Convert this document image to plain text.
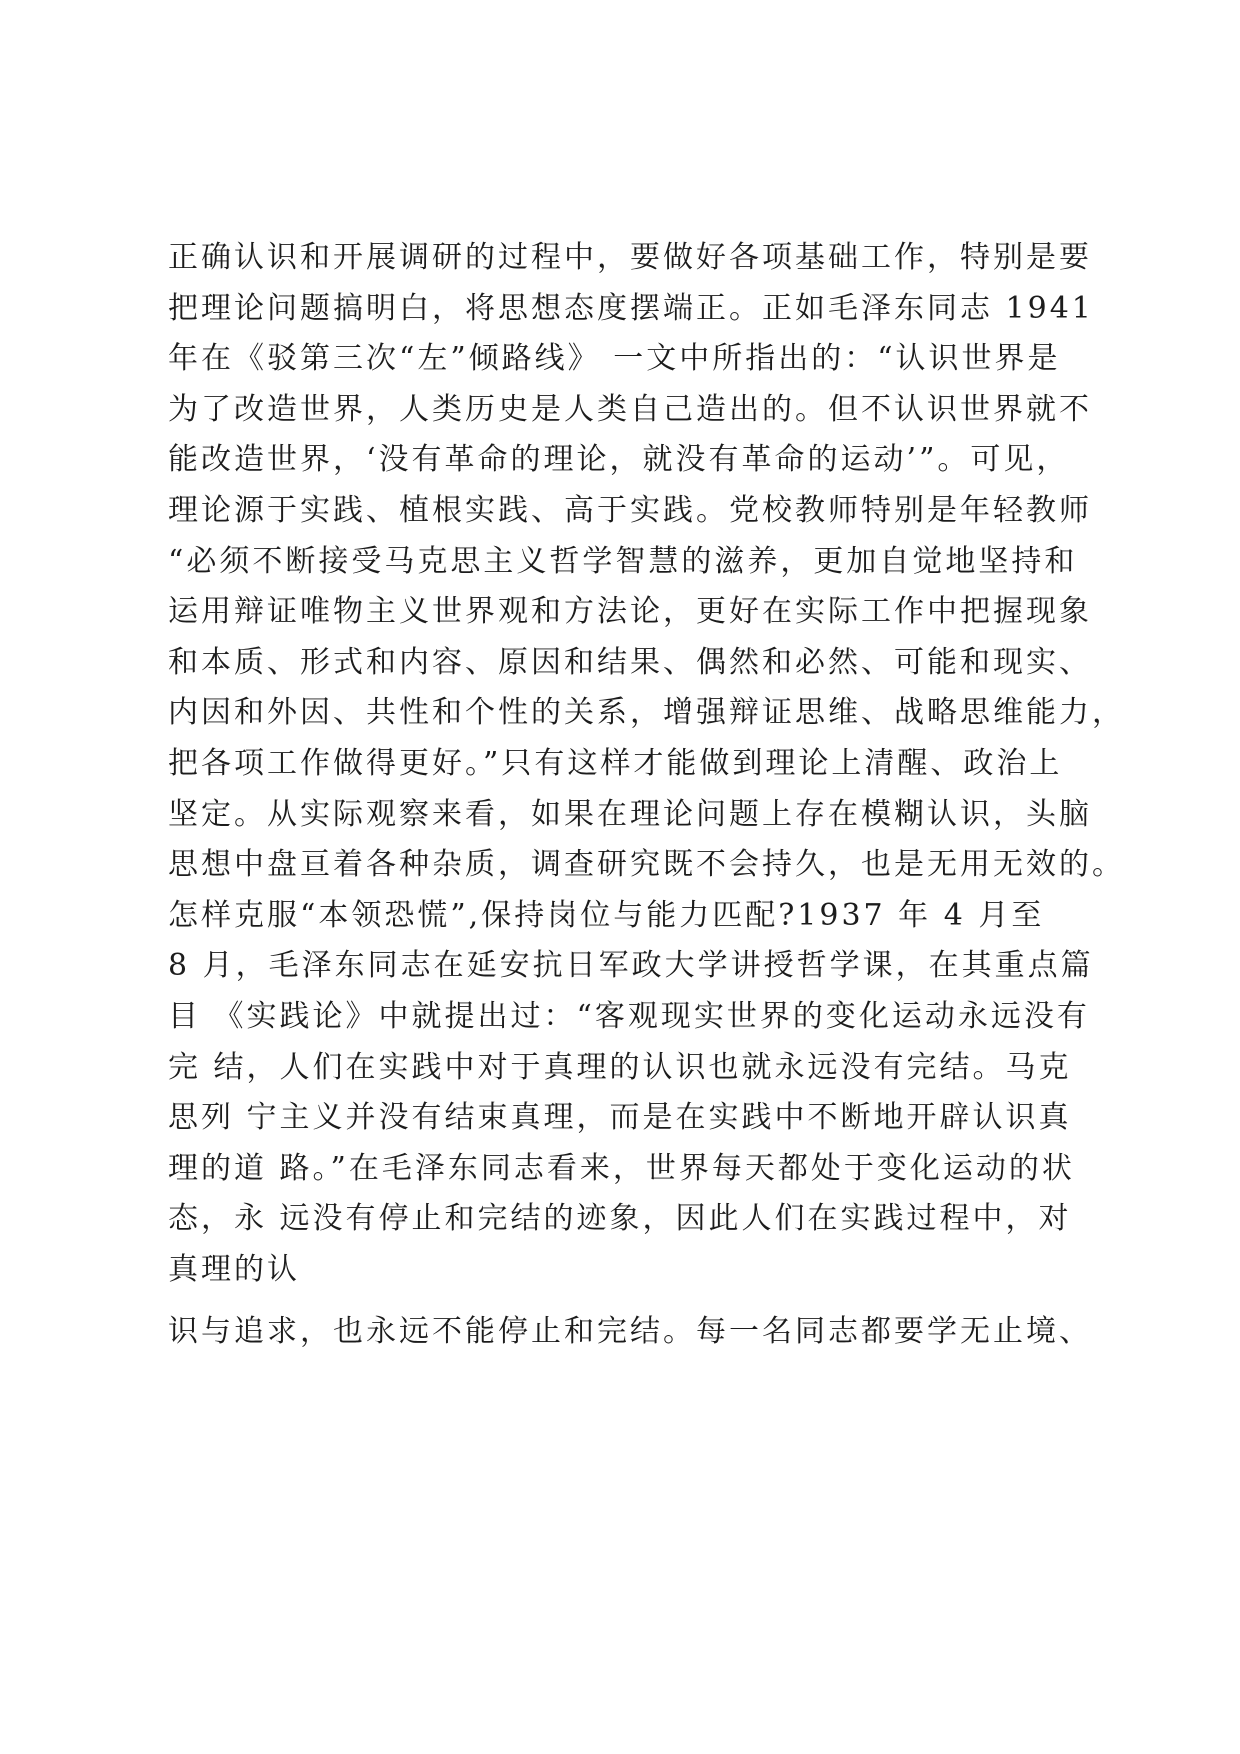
正确认识和开展调研的过程中，要做好各项基础工作，特别是要
把理论问题搞明白，将思想态度摆端正。正如毛泽东同志 1941
年在《驳第三次“左”倾路线》 一文中所指出的：“认识世界是
为了改造世界，人类历史是人类自己造出的。但不认识世界就不
能改造世界，‘没有革命的理论，就没有革命的运动’”。可见，
理论源于实践、植根实践、高于实践。党校教师特别是年轻教师
“必须不断接受马克思主义哲学智慧的滋养，更加自觉地坚持和
运用辩证唯物主义世界观和方法论，更好在实际工作中把握现象
和本质、形式和内容、原因和结果、偶然和必然、可能和现实、
内因和外因、共性和个性的关系，增强辩证思维、战略思维能力，
把各项工作做得更好。”只有这样才能做到理论上清醒、政治上
坚定。从实际观察来看，如果在理论问题上存在模糊认识，头脑
思想中盘亘着各种杂质，调查研究既不会持久，也是无用无效的。
怎样克服“本领恐慌”,保持岗位与能力匹配?1937 年 4 月至
8 月，毛泽东同志在延安抗日军政大学讲授哲学课，在其重点篇
目 《实践论》中就提出过：“客观现实世界的变化运动永远没有
完 结，人们在实践中对于真理的认识也就永远没有完结。马克
思列 宁主义并没有结束真理，而是在实践中不断地开辟认识真
理的道 路。”在毛泽东同志看来，世界每天都处于变化运动的状
态，永 远没有停止和完结的迹象，因此人们在实践过程中，对
真理的认
识与追求，也永远不能停止和完结。每一名同志都要学无止境、
